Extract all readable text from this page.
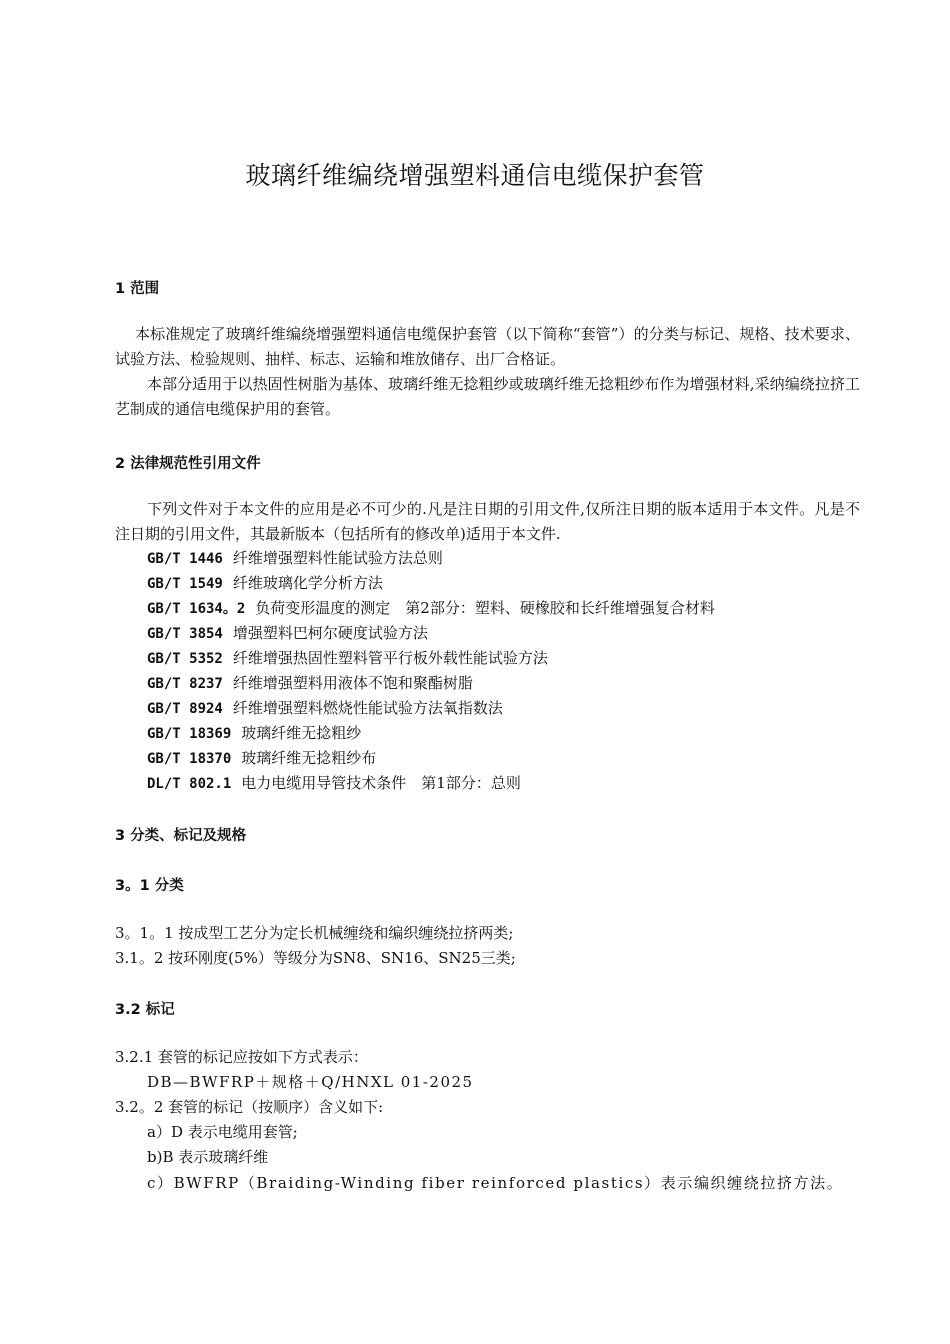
玻璃纤维编绕增强塑料通信电缆保护套管
1 范围
本标准规定了玻璃纤维编绕增强塑料通信电缆保护套管（以下简称“套管”）的分类与标记、规格、技术要求、试验方法、检验规则、抽样、标志、运输和堆放储存、出厂合格证。
本部分适用于以热固性树脂为基体、玻璃纤维无捻粗纱或玻璃纤维无捻粗纱布作为增强材料,采纳编绕拉挤工艺制成的通信电缆保护用的套管。
2 法律规范性引用文件
下列文件对于本文件的应用是必不可少的.凡是注日期的引用文件,仅所注日期的版本适用于本文件。凡是不注日期的引用文件，其最新版本（包括所有的修改单)适用于本文件.
GB/T 1446 纤维增强塑料性能试验方法总则
GB/T 1549 纤维玻璃化学分析方法
GB/T 1634。2 负荷变形温度的测定　第2部分：塑料、硬橡胶和长纤维增强复合材料
GB/T 3854 增强塑料巴柯尔硬度试验方法
GB/T 5352 纤维增强热固性塑料管平行板外载性能试验方法
GB/T 8237 纤维增强塑料用液体不饱和聚酯树脂
GB/T 8924 纤维增强塑料燃烧性能试验方法氧指数法
GB/T 18369 玻璃纤维无捻粗纱
GB/T 18370 玻璃纤维无捻粗纱布
DL/T 802.1 电力电缆用导管技术条件　第1部分：总则
3 分类、标记及规格
3。1 分类
3。1。1 按成型工艺分为定长机械缠绕和编织缠绕拉挤两类;
3.1。2 按环刚度(5%）等级分为SN8、SN16、SN25三类;
3.2 标记
3.2.1 套管的标记应按如下方式表示：
DB—BWFRP＋规格＋Q/HNXL 01-2025
3.2。2 套管的标记（按顺序）含义如下:
a）D 表示电缆用套管;
b)B 表示玻璃纤维
c）BWFRP（Braiding-Winding fiber reinforced plastics）表示编织缠绕拉挤方法。
